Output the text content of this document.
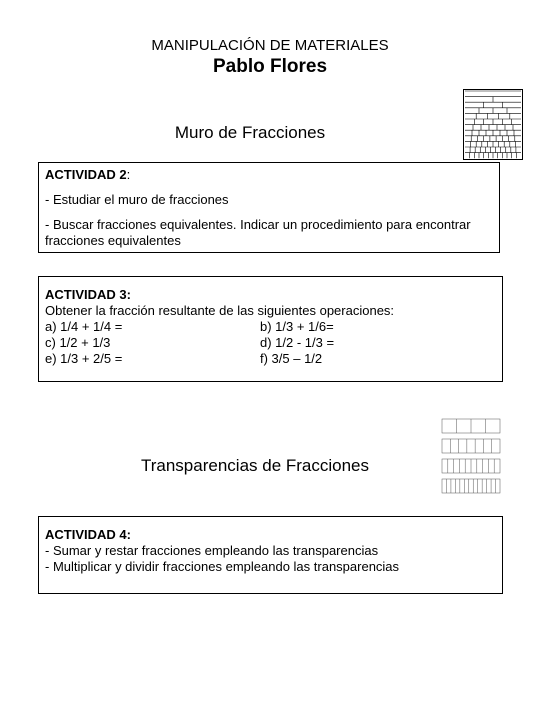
MANIPULACIÓN DE MATERIALES
Pablo Flores
Muro de Fracciones
ACTIVIDAD 2:
- Estudiar el muro de fracciones
- Buscar fracciones equivalentes. Indicar un procedimiento para encontrar fracciones equivalentes
ACTIVIDAD 3:
Obtener la fracción resultante de las siguientes operaciones:
a) 1/4 + 1/4 =	b) 1/3 + 1/6=
c) 1/2 + 1/3	d) 1/2 - 1/3 =
e) 1/3 + 2/5 =	f) 3/5 – 1/2
Transparencias de Fracciones
ACTIVIDAD 4:
- Sumar y restar fracciones empleando las transparencias
- Multiplicar y dividir fracciones empleando las transparencias
